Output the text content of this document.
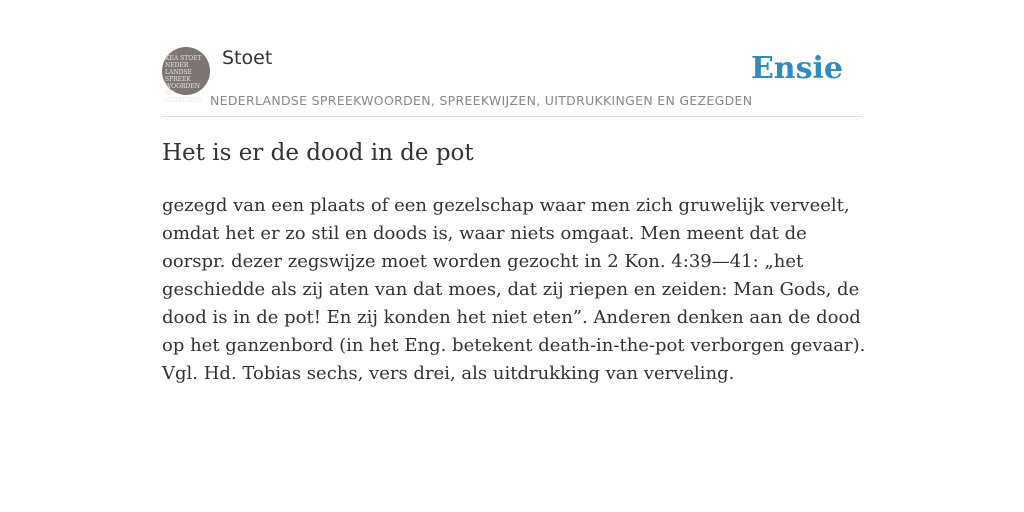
KEA STOET
NEDER
LANDSE
SPREEK
WOORDEN EN
GEZEGDEN
Stoet
NEDERLANDSE SPREEKWOORDEN, SPREEKWIJZEN, UITDRUKKINGEN EN GEZEGDEN
Ensie
Het is er de dood in de pot

gezegd van een plaats of een gezelschap waar men zich gruwelijk verveelt, omdat het er zo stil en doods is, waar niets omgaat. Men meent dat de oorspr. dezer zegswijze moet worden gezocht in 2 Kon. 4:39—41: „het geschiedde als zij aten van dat moes, dat zij riepen en zeiden: Man Gods, de dood is in de pot! En zij konden het niet eten”. Anderen denken aan de dood op het ganzenbord (in het Eng. betekent death-in-the-pot verborgen gevaar). Vgl. Hd. Tobias sechs, vers drei, als uitdrukking van verveling.
